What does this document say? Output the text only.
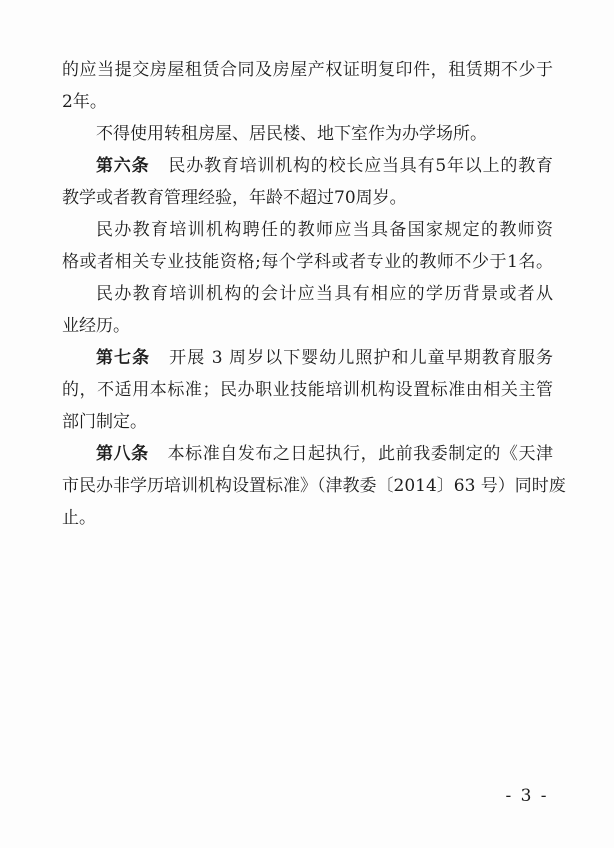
的应当提交房屋租赁合同及房屋产权证明复印件，租赁期不少于
2年。
不得使用转租房屋、居民楼、地下室作为办学场所。
第六条 民办教育培训机构的校长应当具有5年以上的教育
教学或者教育管理经验，年龄不超过70周岁。
民办教育培训机构聘任的教师应当具备国家规定的教师资
格或者相关专业技能资格;每个学科或者专业的教师不少于1名。
民办教育培训机构的会计应当具有相应的学历背景或者从
业经历。
第七条 开展 3 周岁以下婴幼儿照护和儿童早期教育服务
的，不适用本标准；民办职业技能培训机构设置标准由相关主管
部门制定。
第八条 本标准自发布之日起执行，此前我委制定的《天津
市民办非学历培训机构设置标准》（津教委〔2014〕63 号）同时废
止。
- 3 -
